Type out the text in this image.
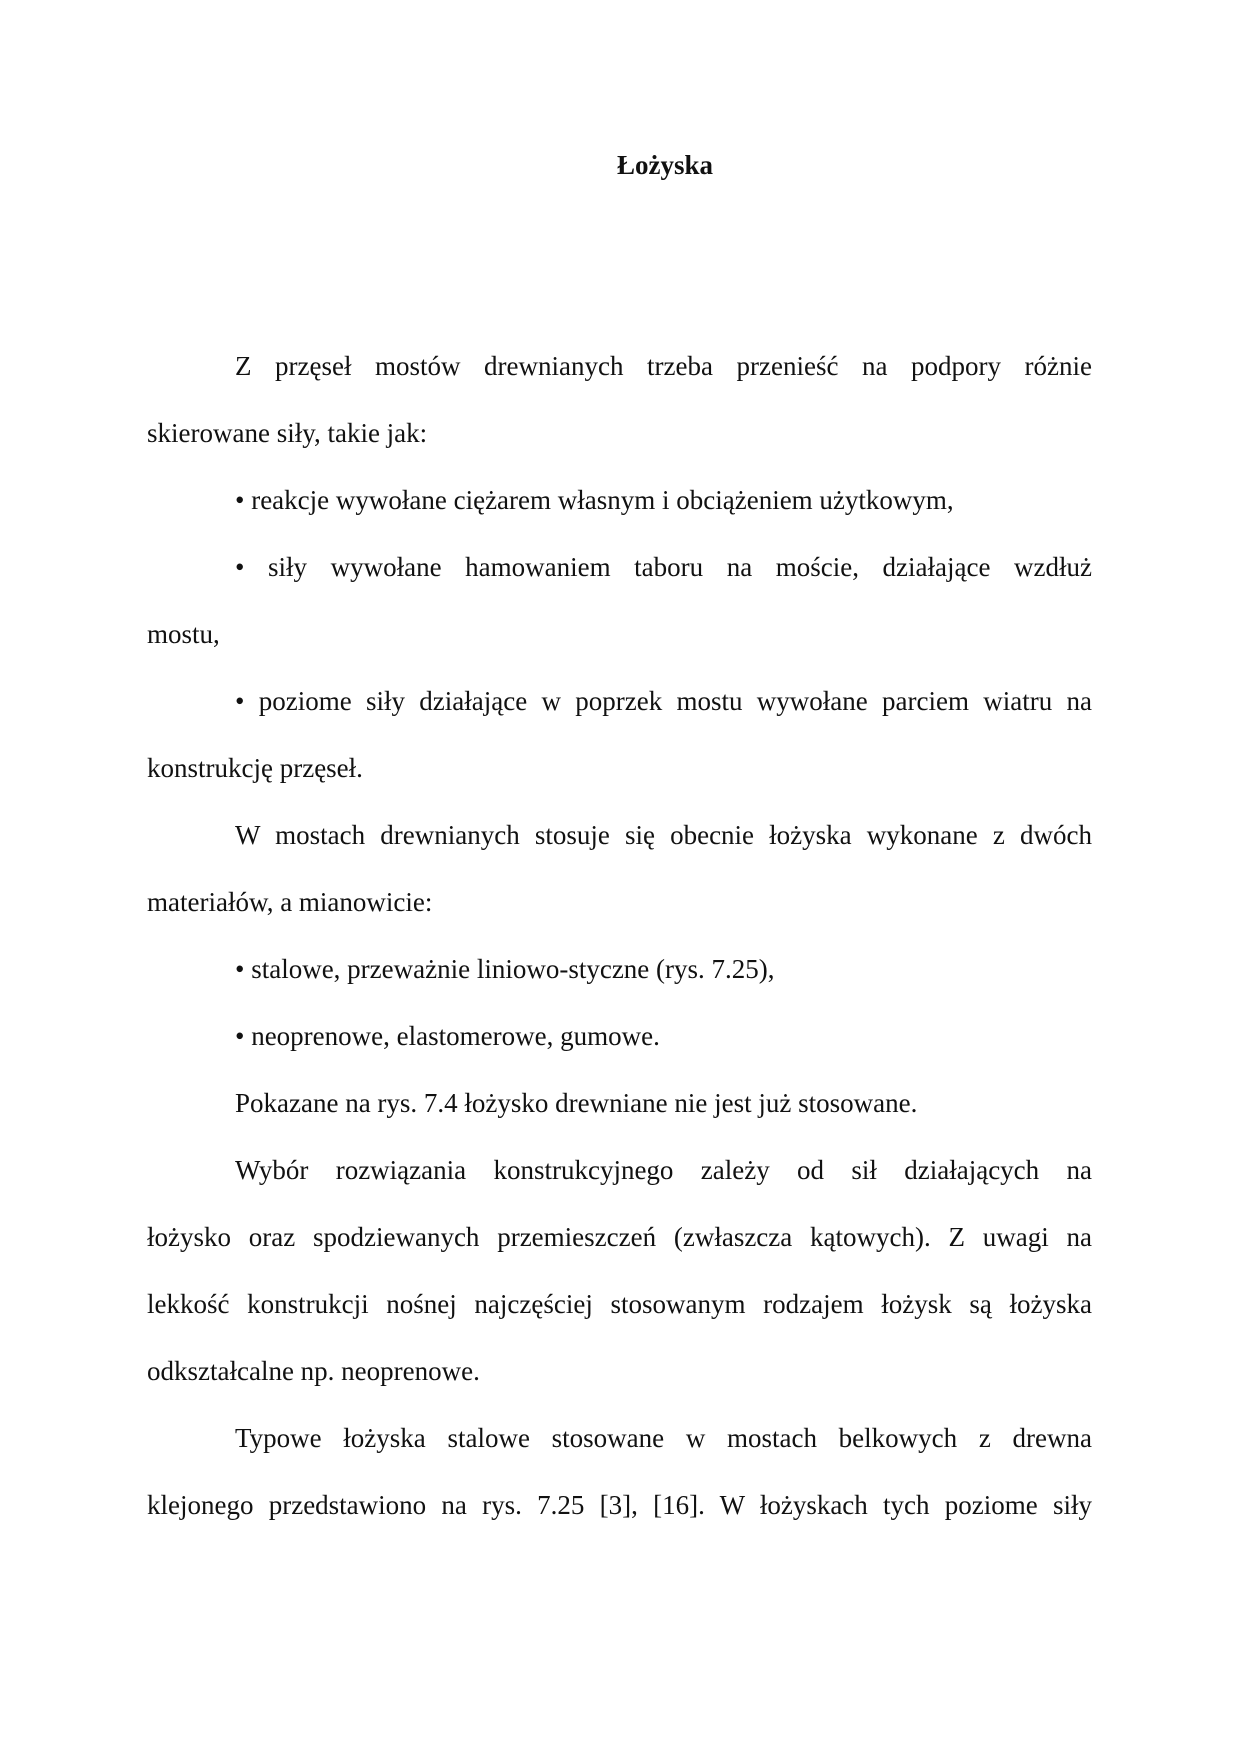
Łożyska
Z przęseł mostów drewnianych trzeba przenieść na podpory różnie
skierowane siły, takie jak:
• reakcje wywołane ciężarem własnym i obciążeniem użytkowym,
• siły wywołane hamowaniem taboru na moście, działające wzdłuż
mostu,
• poziome siły działające w poprzek mostu wywołane parciem wiatru na
konstrukcję przęseł.
W mostach drewnianych stosuje się obecnie łożyska wykonane z dwóch
materiałów, a mianowicie:
• stalowe, przeważnie liniowo-styczne (rys. 7.25),
• neoprenowe, elastomerowe, gumowe.
Pokazane na rys. 7.4 łożysko drewniane nie jest już stosowane.
Wybór rozwiązania konstrukcyjnego zależy od sił działających na
łożysko oraz spodziewanych przemieszczeń (zwłaszcza kątowych). Z uwagi na
lekkość konstrukcji nośnej najczęściej stosowanym rodzajem łożysk są łożyska
odkształcalne np. neoprenowe.
Typowe łożyska stalowe stosowane w mostach belkowych z drewna
klejonego przedstawiono na rys. 7.25 [3], [16]. W łożyskach tych poziome siły
